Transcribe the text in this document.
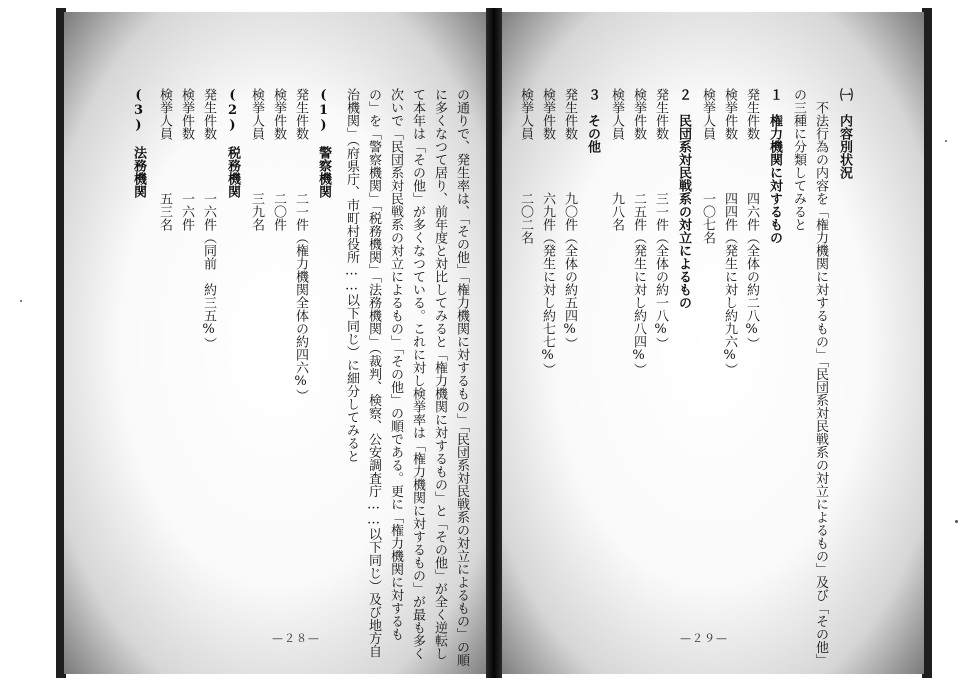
の通りで、発生率は、「その他」「権力機関に対するもの」「民団系対民戦系の対立によるもの」の順
に多くなつて居り、前年度と対比してみると「権力機関に対するもの」と「その他」が全く逆転し
て本年は「その他」が多くなつている。これに対し検挙率は「権力機関に対するもの」が最も多く
次いで「民団系対民戦系の対立によるもの」「その他」の順である。更に「権力機関に対するも
の」を「警察機関」「税務機関」「法務機関」（裁判、検察、公安調査庁……以下同じ）及び地方自
治機関」（府県庁、市町村役所……以下同じ）に細分してみると
(1)　警察機関
発生件数　　　　二一件（権力機関全体の約四六%）
検挙件数　　　　二〇件
検挙人員　　　　三九名
(2)　税務機関
発生件数　　　　一六件（同前　約三五%）
検挙件数　　　　一六件
検挙人員　　　　五三名
(3)　法務機関
—２８—
㈠　内容別状況
　不法行為の内容を「権力機関に対するもの」「民団系対民戦系の対立によるもの」及び「その他」
の三種に分類してみると
１　権力機関に対するもの
発生件数　　　　四六件（全体の約二八%）
検挙件数　　　　四四件（発生に対し約九六%）
検挙人員　　　　一〇七名
２　民団系対民戦系の対立によるもの
発生件数　　　　三一件（全体の約一八%）
検挙件数　　　　二五件（発生に対し約八四%）
検挙人員　　　　九八名
３　その他
発生件数　　　　九〇件（全体の約五四%）
検挙件数　　　　六九件（発生に対し約七七%）
検挙人員　　　　二〇二名
—２９—
